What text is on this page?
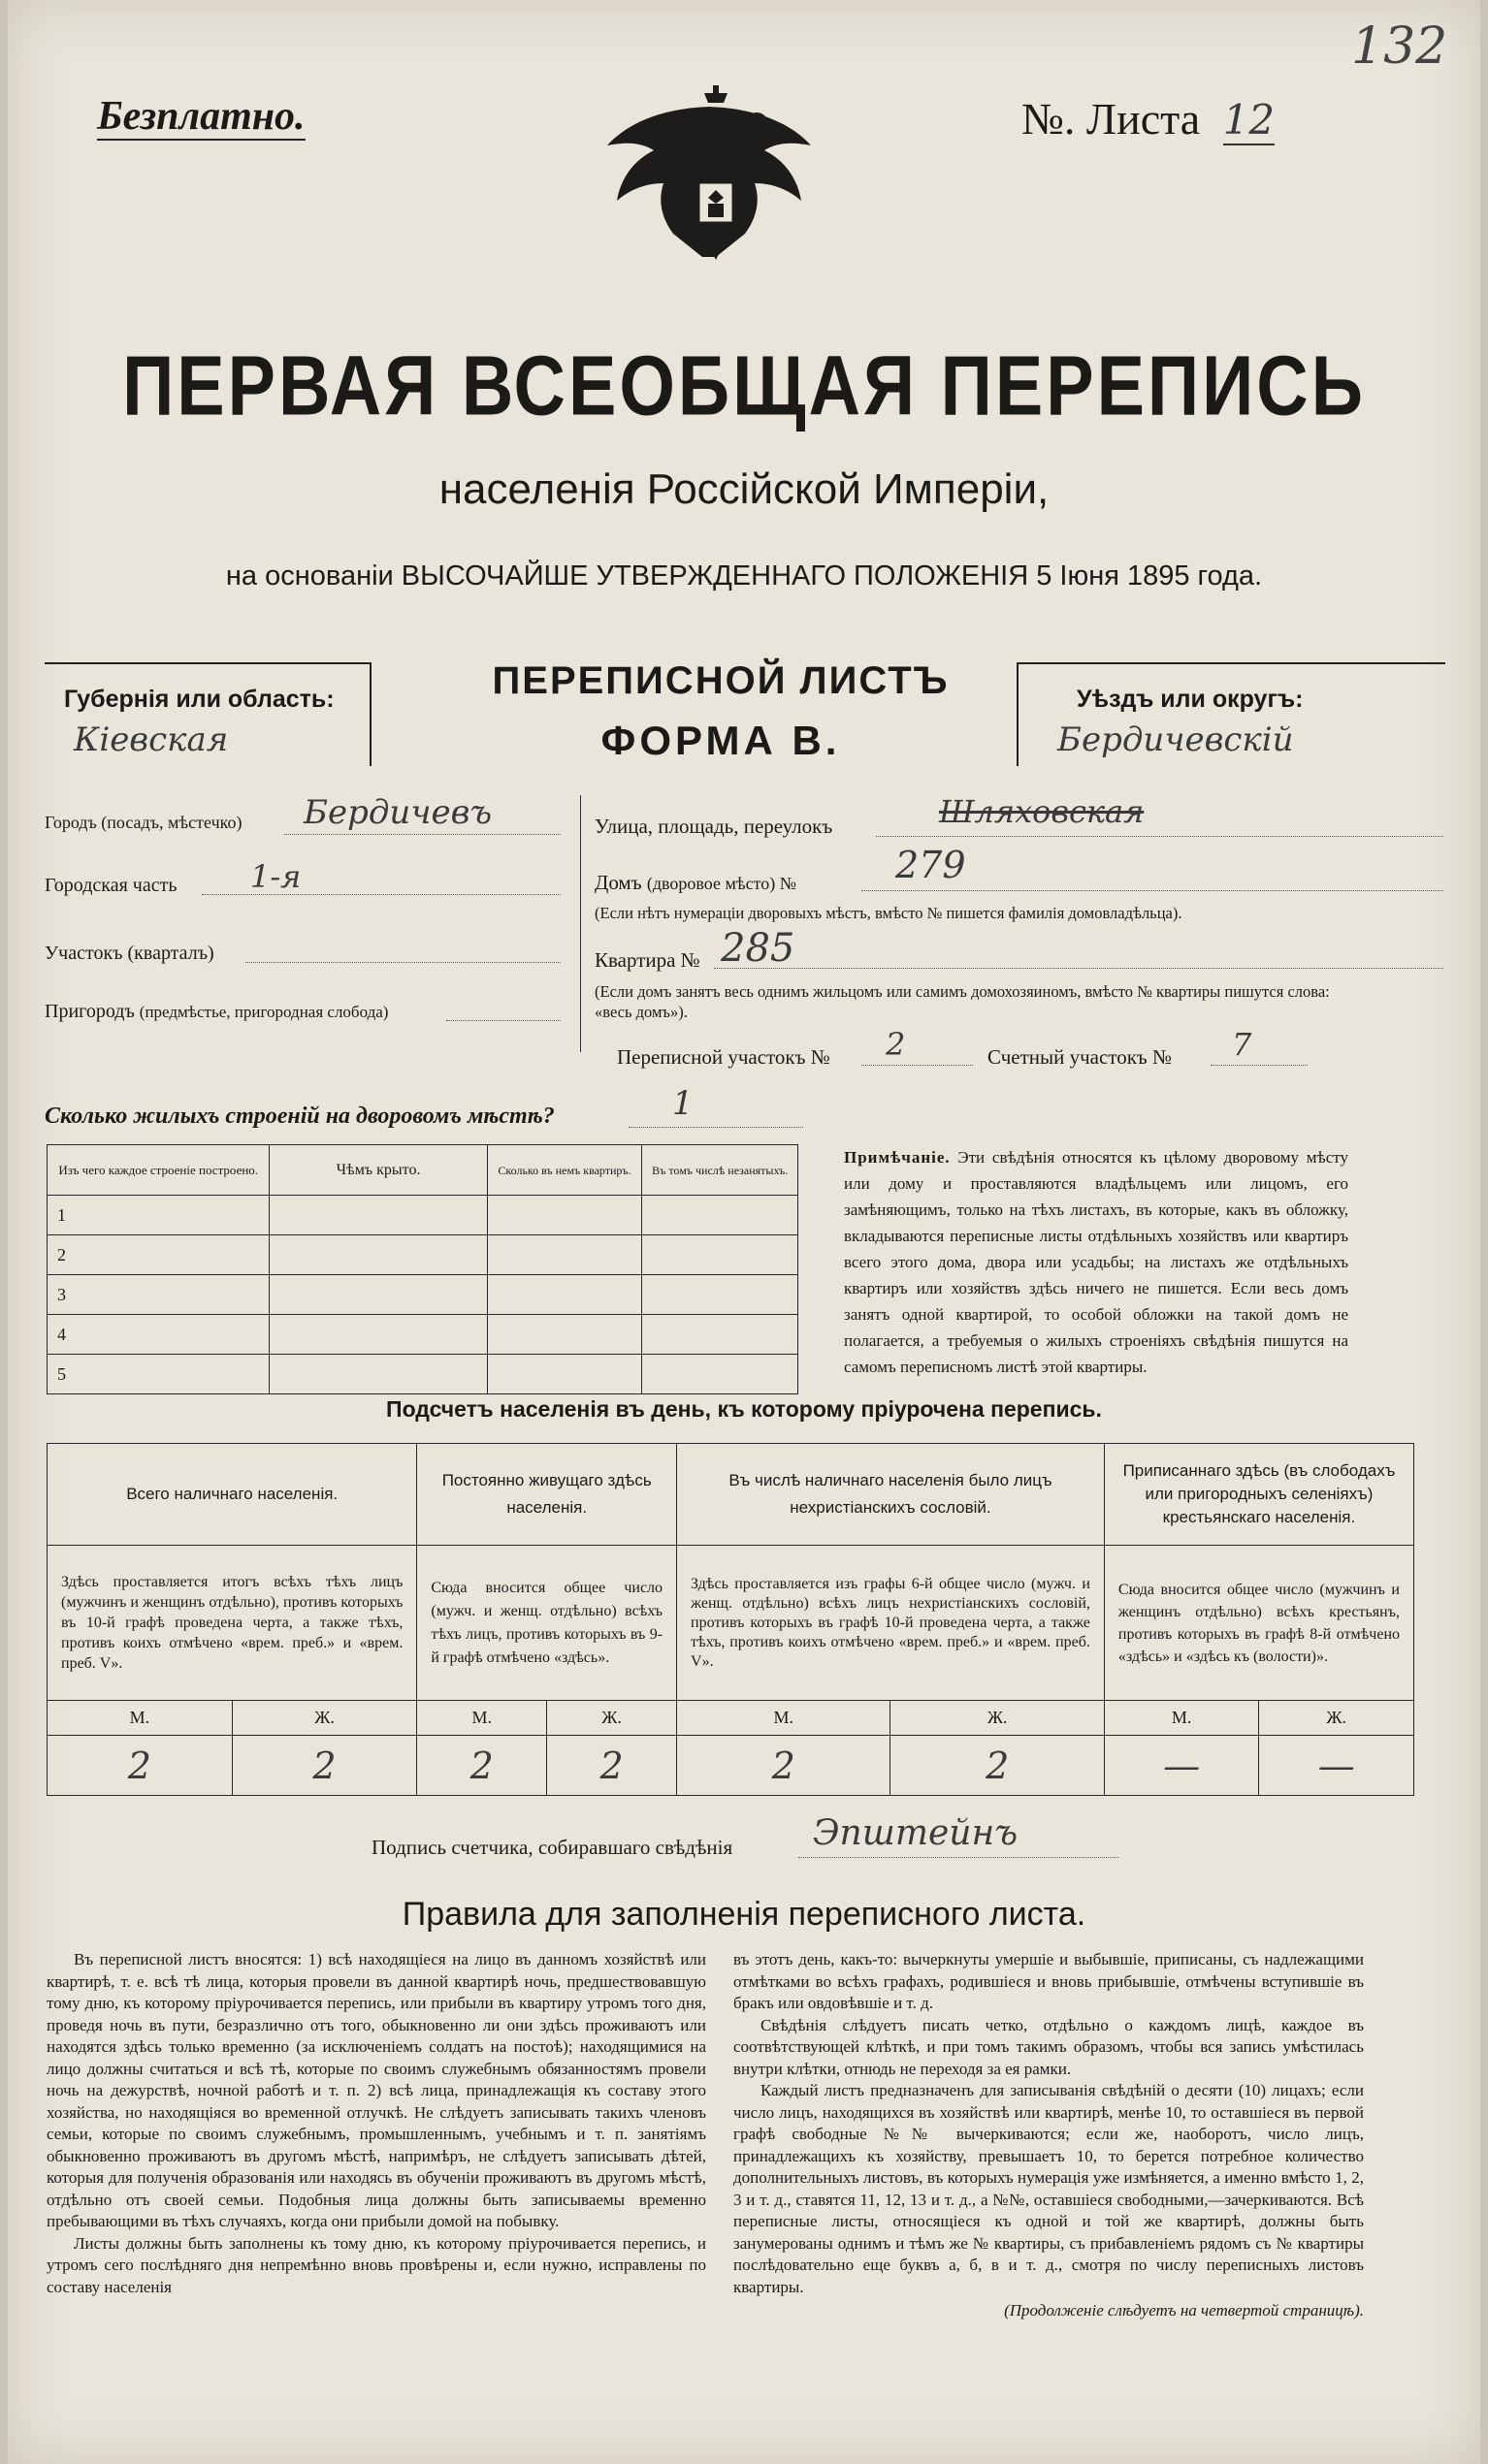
132
Безплатно.	№. Листа 12
ПЕРВАЯ ВСЕОБЩАЯ ПЕРЕПИСЬ
населенія Россійской Имперіи,
на основаніи ВЫСОЧАЙШЕ УТВЕРЖДЕННАГО ПОЛОЖЕНІЯ 5 Іюня 1895 года.
Губернія или область:
Кіевская
ПЕРЕПИСНОЙ ЛИСТЪ
ФОРМА В.
Уѣздъ или округъ:
Бердичевскій
Городъ (посадъ, мѣстечко) Бердичевъ
Городская часть 1-я
Участокъ (кварталъ)
Пригородъ (предмѣстье, пригородная слобода)
Улица, площадь, переулокъ	Шляховская
Домъ (дворовое мѣсто) №	279
(Если нѣтъ нумераціи дворовыхъ мѣстъ, вмѣсто № пишется фамилія домовладѣльца).
Квартира № 285
(Если домъ занятъ весь однимъ жильцомъ или самимъ домохозяиномъ, вмѣсто № квартиры пишутся слова: «весь домъ»).
Переписной участокъ № 2	Счетный участокъ № 7
Сколько жилыхъ строеній на дворовомъ мѣстѣ?	1
Изъ чего каждое строеніе построено.	Чѣмъ крыто.	Сколько въ немъ квартиръ.	Въ томъ числѣ незанятыхъ.
1			
2			
3			
4			
5			
Примѣчаніе. Эти свѣдѣнія относятся къ цѣлому дворовому мѣсту или дому и проставляются владѣльцемъ или лицомъ, его замѣняющимъ, только на тѣхъ листахъ, въ которые, какъ въ обложку, вкладываются переписные листы отдѣльныхъ хозяйствъ или квартиръ всего этого дома, двора или усадьбы; на листахъ же отдѣльныхъ квартиръ или хозяйствъ здѣсь ничего не пишется. Если весь домъ занятъ одной квартирой, то особой обложки на такой домъ не полагается, а требуемыя о жилыхъ строеніяхъ свѣдѣнія пишутся на самомъ переписномъ листѣ этой квартиры.
Подсчетъ населенія въ день, къ которому пріурочена перепись.
Всего наличнаго населенія.		Постоянно живущаго здѣсь населенія.		Въ числѣ наличнаго населенія было лицъ нехристіанскихъ сословій.		Приписаннаго здѣсь (въ слободахъ или пригородныхъ селеніяхъ) крестьянскаго населенія.	
Здѣсь проставляется итогъ всѣхъ тѣхъ лицъ (мужчинъ и женщинъ отдѣльно), противъ которыхъ въ 10-й графѣ проведена черта, а также тѣхъ, противъ коихъ отмѣчено «врем. преб.» и «врем. преб. V».		Сюда вносится общее число (мужч. и женщ. отдѣльно) всѣхъ тѣхъ лицъ, противъ которыхъ въ 9-й графѣ отмѣчено «здѣсь».		Здѣсь проставляется изъ графы 6-й общее число (мужч. и женщ. отдѣльно) всѣхъ лицъ нехристіанскихъ сословій, противъ которыхъ въ графѣ 10-й проведена черта, а также тѣхъ, противъ коихъ отмѣчено «врем. преб.» и «врем. преб. V».		Сюда вносится общее число (мужчинъ и женщинъ отдѣльно) всѣхъ крестьянъ, противъ которыхъ въ графѣ 8-й отмѣчено «здѣсь» и «здѣсь къ (волости)».	
М.	Ж.	М.	Ж.	М.	Ж.	М.	Ж.
2	2	2	2	2	2	—	—
Подпись счетчика, собиравшаго свѣдѣнія Эпштейнъ
Правила для заполненія переписного листа.

Въ переписной листъ вносятся: 1) всѣ находящіеся на лицо въ данномъ хозяйствѣ или квартирѣ, т. е. всѣ тѣ лица, которыя провели въ данной квартирѣ ночь, предшествовавшую тому дню, къ которому пріурочивается перепись, или прибыли въ квартиру утромъ того дня, проведя ночь въ пути, безразлично отъ того, обыкновенно ли они здѣсь проживаютъ или находятся здѣсь только временно (за исключеніемъ солдатъ на постоѣ); находящимися на лицо должны считаться и всѣ тѣ, которые по своимъ служебнымъ обязанностямъ провели ночь на дежурствѣ, ночной работѣ и т. п. 2) всѣ лица, принадлежащія къ составу этого хозяйства, но находящіяся во временной отлучкѣ. Не слѣдуетъ записывать такихъ членовъ семьи, которые по своимъ служебнымъ, промышленнымъ, учебнымъ и т. п. занятіямъ обыкновенно проживаютъ въ другомъ мѣстѣ, напримѣръ, не слѣдуетъ записывать дѣтей, которыя для полученія образованія или находясь въ обученіи проживаютъ въ другомъ мѣстѣ, отдѣльно отъ своей семьи. Подобныя лица должны быть записываемы временно пребывающими въ тѣхъ случаяхъ, когда они прибыли домой на побывку.

Листы должны быть заполнены къ тому дню, къ которому пріурочивается перепись, и утромъ сего послѣдняго дня непремѣнно вновь провѣрены и, если нужно, исправлены по составу населенія

въ этотъ день, какъ-то: вычеркнуты умершіе и выбывшіе, приписаны, съ надлежащими отмѣтками во всѣхъ графахъ, родившіеся и вновь прибывшіе, отмѣчены вступившіе въ бракъ или овдовѣвшіе и т. д.

Свѣдѣнія слѣдуетъ писать четко, отдѣльно о каждомъ лицѣ, каждое въ соотвѣтствующей клѣткѣ, и при томъ такимъ образомъ, чтобы вся запись умѣстилась внутри клѣтки, отнюдь не переходя за ея рамки.

Каждый листъ предназначенъ для записыванія свѣдѣній о десяти (10) лицахъ; если число лицъ, находящихся въ хозяйствѣ или квартирѣ, менѣе 10, то оставшіеся въ первой графѣ свободные №№ вычеркиваются; если же, наоборотъ, число лицъ, принадлежащихъ къ хозяйству, превышаетъ 10, то берется потребное количество дополнительныхъ листовъ, въ которыхъ нумерація уже измѣняется, а именно вмѣсто 1, 2, 3 и т. д., ставятся 11, 12, 13 и т. д., а №№, оставшіеся свободными,—зачеркиваются. Всѣ переписные листы, относящіеся къ одной и той же квартирѣ, должны быть занумерованы однимъ и тѣмъ же № квартиры, съ прибавленіемъ рядомъ съ № квартиры послѣдовательно еще буквъ а, б, в и т. д., смотря по числу переписныхъ листовъ квартиры.

(Продолженіе слѣдуетъ на четвертой страницѣ).
